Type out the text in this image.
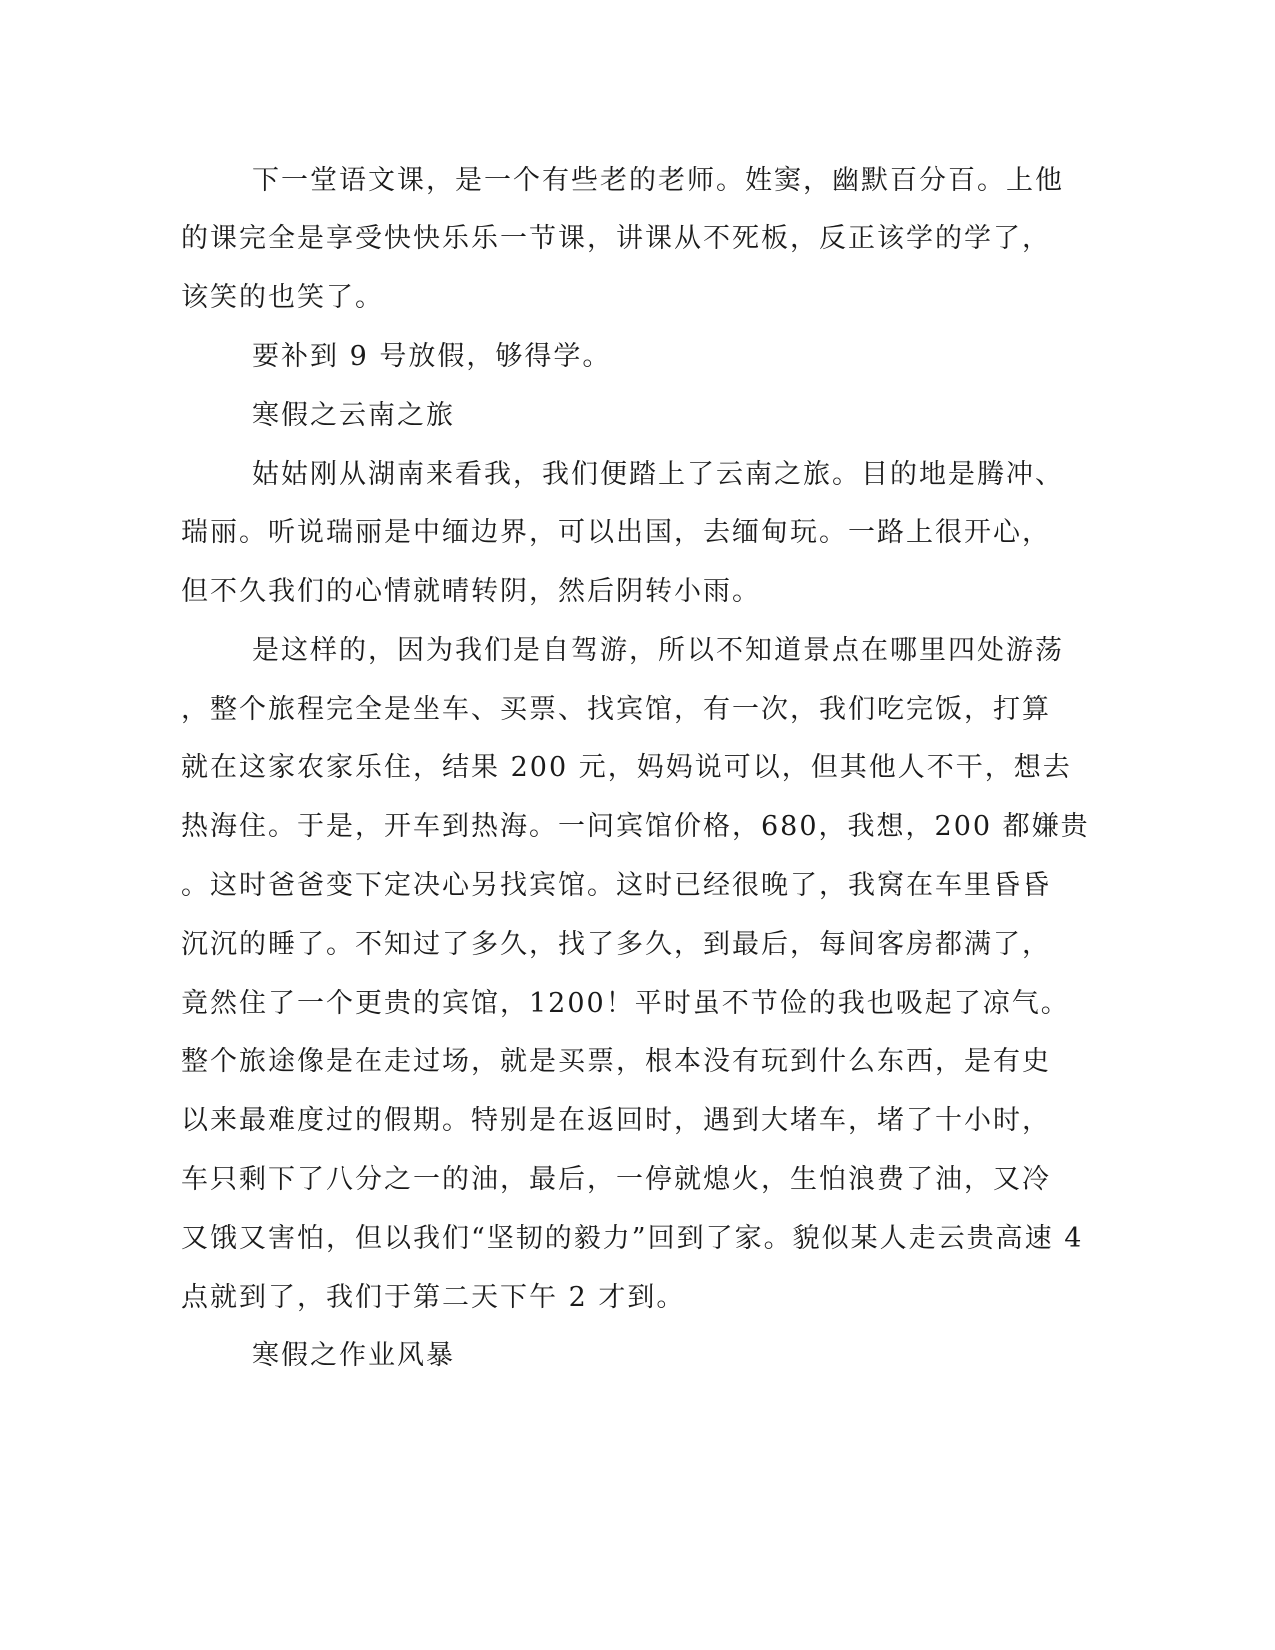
下一堂语文课，是一个有些老的老师。姓窦，幽默百分百。上他
的课完全是享受快快乐乐一节课，讲课从不死板，反正该学的学了，
该笑的也笑了。
要补到 9 号放假，够得学。
寒假之云南之旅
姑姑刚从湖南来看我，我们便踏上了云南之旅。目的地是腾冲、
瑞丽。听说瑞丽是中缅边界，可以出国，去缅甸玩。一路上很开心，
但不久我们的心情就晴转阴，然后阴转小雨。
是这样的，因为我们是自驾游，所以不知道景点在哪里四处游荡
，整个旅程完全是坐车、买票、找宾馆，有一次，我们吃完饭，打算
就在这家农家乐住，结果 200 元，妈妈说可以，但其他人不干，想去
热海住。于是，开车到热海。一问宾馆价格，680，我想，200 都嫌贵
。这时爸爸变下定决心另找宾馆。这时已经很晚了，我窝在车里昏昏
沉沉的睡了。不知过了多久，找了多久，到最后，每间客房都满了，
竟然住了一个更贵的宾馆，1200！平时虽不节俭的我也吸起了凉气。
整个旅途像是在走过场，就是买票，根本没有玩到什么东西，是有史
以来最难度过的假期。特别是在返回时，遇到大堵车，堵了十小时，
车只剩下了八分之一的油，最后，一停就熄火，生怕浪费了油，又冷
又饿又害怕，但以我们“坚韧的毅力”回到了家。貌似某人走云贵高速 4
点就到了，我们于第二天下午 2 才到。
寒假之作业风暴
